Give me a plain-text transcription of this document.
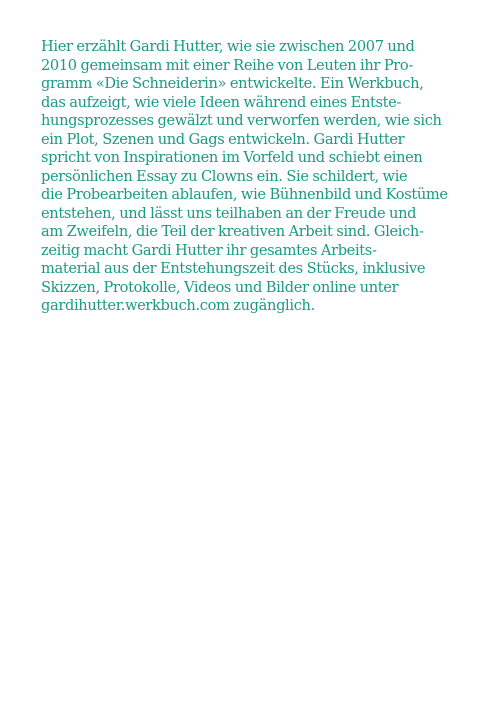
Hier erzählt Gardi Hutter, wie sie zwischen 2007 und
2010 gemeinsam mit einer Reihe von Leuten ihr Pro-
gramm «Die Schneiderin» entwickelte. Ein Werkbuch,
das aufzeigt, wie viele Ideen während eines Entste-
hungsprozesses gewälzt und verworfen werden, wie sich
ein Plot, Szenen und Gags entwickeln. Gardi Hutter
spricht von Inspirationen im Vorfeld und schiebt einen
persönlichen Essay zu Clowns ein. Sie schildert, wie
die Probearbeiten ablaufen, wie Bühnenbild und Kostüme
entstehen, und lässt uns teilhaben an der Freude und
am Zweifeln, die Teil der kreativen Arbeit sind. Gleich-
zeitig macht Gardi Hutter ihr gesamtes Arbeits-
material aus der Entstehungszeit des Stücks, inklusive
Skizzen, Protokolle, Videos und Bilder online unter
gardihutter.werkbuch.com zugänglich.
